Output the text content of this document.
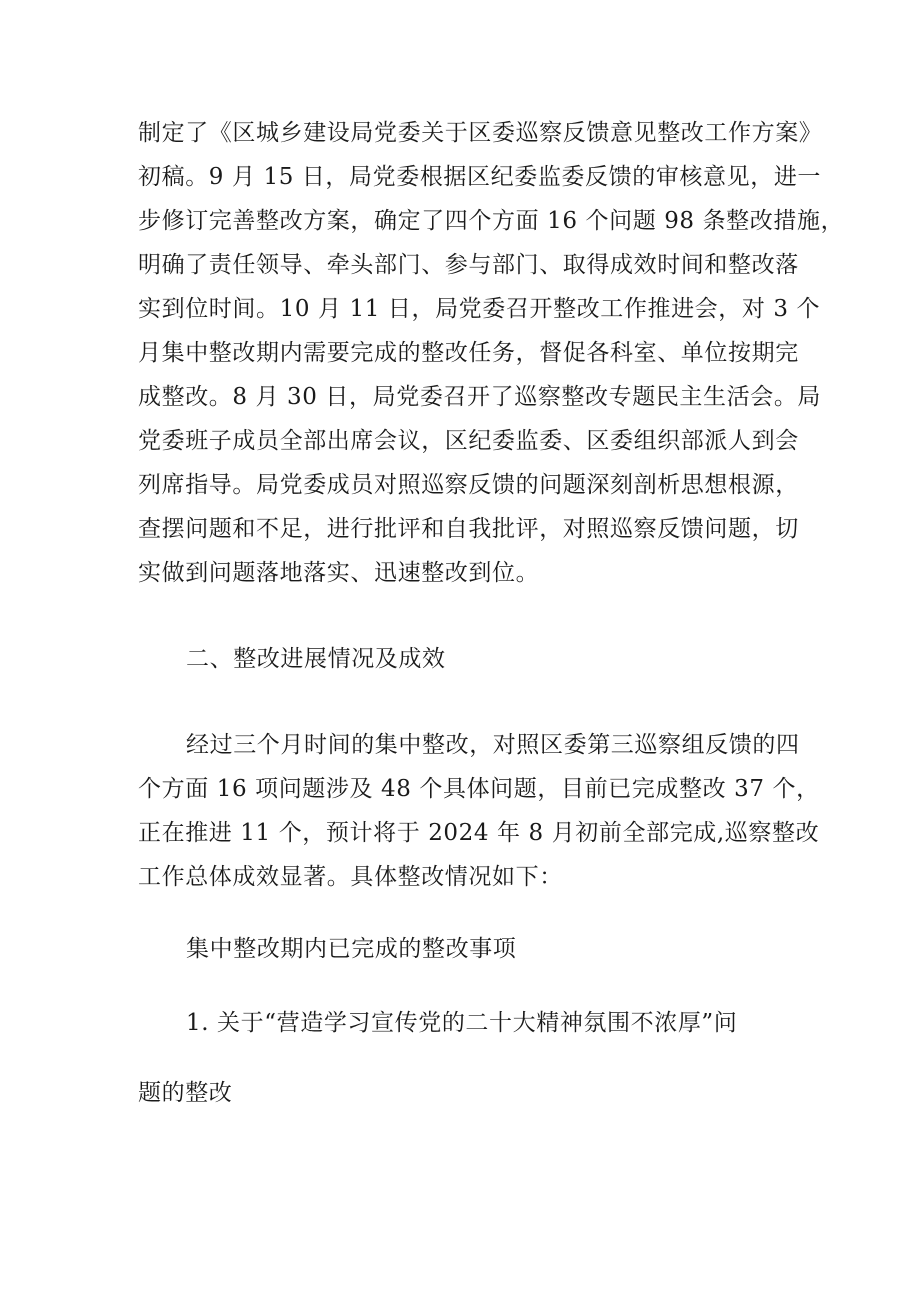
制定了《区城乡建设局党委关于区委巡察反馈意见整改工作方案》
初稿。9 月 15 日，局党委根据区纪委监委反馈的审核意见，进一
步修订完善整改方案，确定了四个方面 16 个问题 98 条整改措施，
明确了责任领导、牵头部门、参与部门、取得成效时间和整改落
实到位时间。10 月 11 日，局党委召开整改工作推进会，对 3 个
月集中整改期内需要完成的整改任务，督促各科室、单位按期完
成整改。8 月 30 日，局党委召开了巡察整改专题民主生活会。局
党委班子成员全部出席会议，区纪委监委、区委组织部派人到会
列席指导。局党委成员对照巡察反馈的问题深刻剖析思想根源，
查摆问题和不足，进行批评和自我批评，对照巡察反馈问题，切
实做到问题落地落实、迅速整改到位。
二、整改进展情况及成效
经过三个月时间的集中整改，对照区委第三巡察组反馈的四
个方面 16 项问题涉及 48 个具体问题，目前已完成整改 37 个，
正在推进 11 个，预计将于 2024 年 8 月初前全部完成,巡察整改
工作总体成效显著。具体整改情况如下：
集中整改期内已完成的整改事项
1. 关于“营造学习宣传党的二十大精神氛围不浓厚”问
题的整改
